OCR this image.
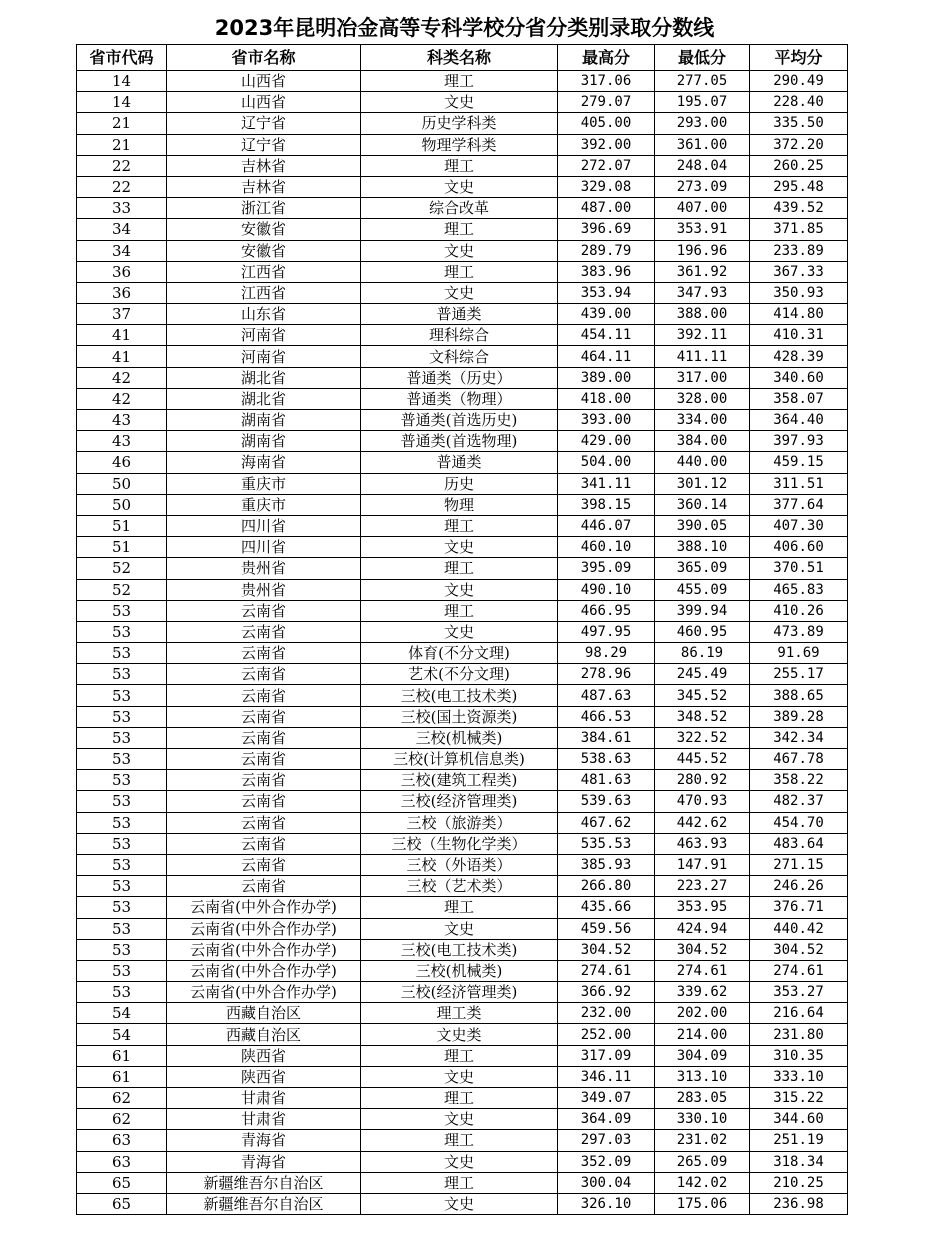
2023年昆明冶金高等专科学校分省分类别录取分数线
省市代码	省市名称	科类名称	最高分	最低分	平均分
14	山西省	理工	317.06	277.05	290.49
14	山西省	文史	279.07	195.07	228.40
21	辽宁省	历史学科类	405.00	293.00	335.50
21	辽宁省	物理学科类	392.00	361.00	372.20
22	吉林省	理工	272.07	248.04	260.25
22	吉林省	文史	329.08	273.09	295.48
33	浙江省	综合改革	487.00	407.00	439.52
34	安徽省	理工	396.69	353.91	371.85
34	安徽省	文史	289.79	196.96	233.89
36	江西省	理工	383.96	361.92	367.33
36	江西省	文史	353.94	347.93	350.93
37	山东省	普通类	439.00	388.00	414.80
41	河南省	理科综合	454.11	392.11	410.31
41	河南省	文科综合	464.11	411.11	428.39
42	湖北省	普通类（历史）	389.00	317.00	340.60
42	湖北省	普通类（物理）	418.00	328.00	358.07
43	湖南省	普通类(首选历史)	393.00	334.00	364.40
43	湖南省	普通类(首选物理)	429.00	384.00	397.93
46	海南省	普通类	504.00	440.00	459.15
50	重庆市	历史	341.11	301.12	311.51
50	重庆市	物理	398.15	360.14	377.64
51	四川省	理工	446.07	390.05	407.30
51	四川省	文史	460.10	388.10	406.60
52	贵州省	理工	395.09	365.09	370.51
52	贵州省	文史	490.10	455.09	465.83
53	云南省	理工	466.95	399.94	410.26
53	云南省	文史	497.95	460.95	473.89
53	云南省	体育(不分文理)	98.29	86.19	91.69
53	云南省	艺术(不分文理)	278.96	245.49	255.17
53	云南省	三校(电工技术类)	487.63	345.52	388.65
53	云南省	三校(国土资源类)	466.53	348.52	389.28
53	云南省	三校(机械类)	384.61	322.52	342.34
53	云南省	三校(计算机信息类)	538.63	445.52	467.78
53	云南省	三校(建筑工程类)	481.63	280.92	358.22
53	云南省	三校(经济管理类)	539.63	470.93	482.37
53	云南省	三校（旅游类）	467.62	442.62	454.70
53	云南省	三校（生物化学类）	535.53	463.93	483.64
53	云南省	三校（外语类）	385.93	147.91	271.15
53	云南省	三校（艺术类）	266.80	223.27	246.26
53	云南省(中外合作办学)	理工	435.66	353.95	376.71
53	云南省(中外合作办学)	文史	459.56	424.94	440.42
53	云南省(中外合作办学)	三校(电工技术类)	304.52	304.52	304.52
53	云南省(中外合作办学)	三校(机械类)	274.61	274.61	274.61
53	云南省(中外合作办学)	三校(经济管理类)	366.92	339.62	353.27
54	西藏自治区	理工类	232.00	202.00	216.64
54	西藏自治区	文史类	252.00	214.00	231.80
61	陕西省	理工	317.09	304.09	310.35
61	陕西省	文史	346.11	313.10	333.10
62	甘肃省	理工	349.07	283.05	315.22
62	甘肃省	文史	364.09	330.10	344.60
63	青海省	理工	297.03	231.02	251.19
63	青海省	文史	352.09	265.09	318.34
65	新疆维吾尔自治区	理工	300.04	142.02	210.25
65	新疆维吾尔自治区	文史	326.10	175.06	236.98
